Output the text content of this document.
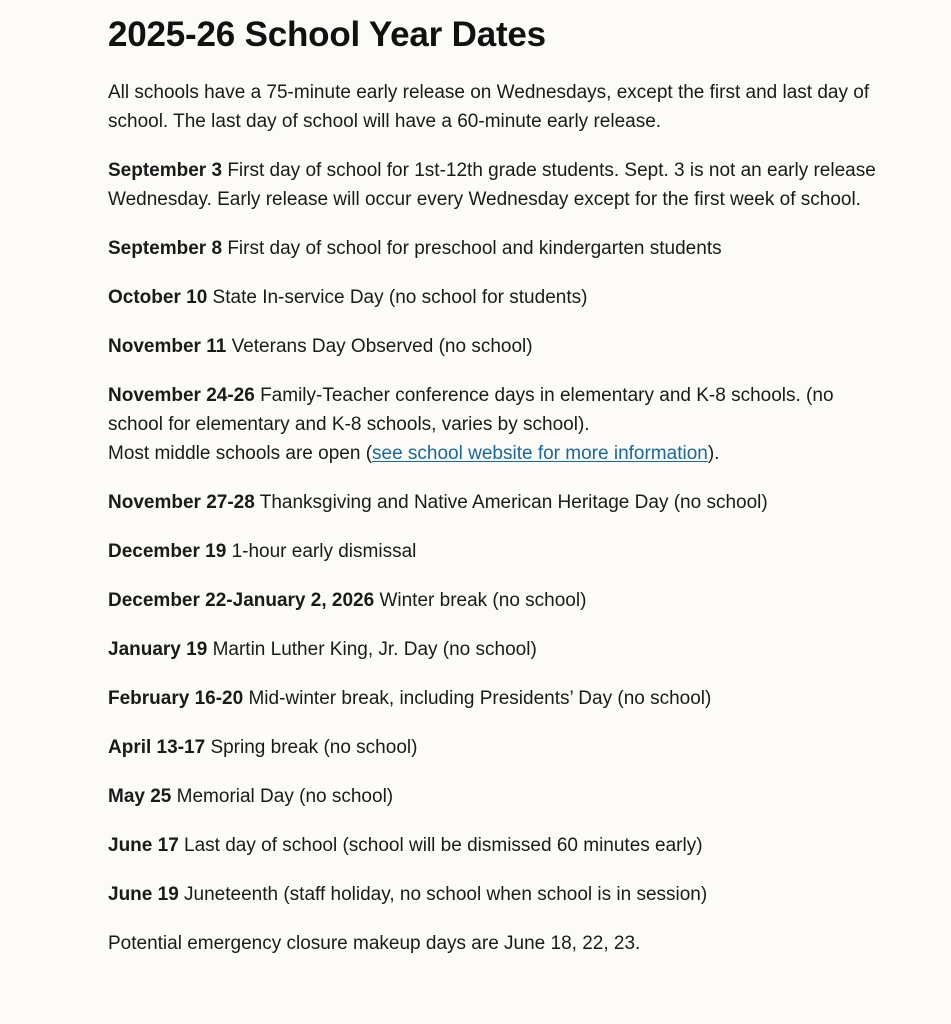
2025-26 School Year Dates

All schools have a 75-minute early release on Wednesdays, except the first and last day of school. The last day of school will have a 60-minute early release.

September 3 First day of school for 1st-12th grade students. Sept. 3 is not an early release Wednesday. Early release will occur every Wednesday except for the first week of school.

September 8 First day of school for preschool and kindergarten students

October 10 State In-service Day (no school for students)

November 11 Veterans Day Observed (no school)

November 24-26 Family-Teacher conference days in elementary and K-8 schools. (no school for elementary and K-8 schools, varies by school).
Most middle schools are open (see school website for more information).

November 27-28 Thanksgiving and Native American Heritage Day (no school)

December 19 1-hour early dismissal

December 22-January 2, 2026 Winter break (no school)

January 19 Martin Luther King, Jr. Day (no school)

February 16-20 Mid-winter break, including Presidents’ Day (no school)

April 13-17 Spring break (no school)

May 25 Memorial Day (no school)

June 17 Last day of school (school will be dismissed 60 minutes early)

June 19 Juneteenth (staff holiday, no school when school is in session)

Potential emergency closure makeup days are June 18, 22, 23.
